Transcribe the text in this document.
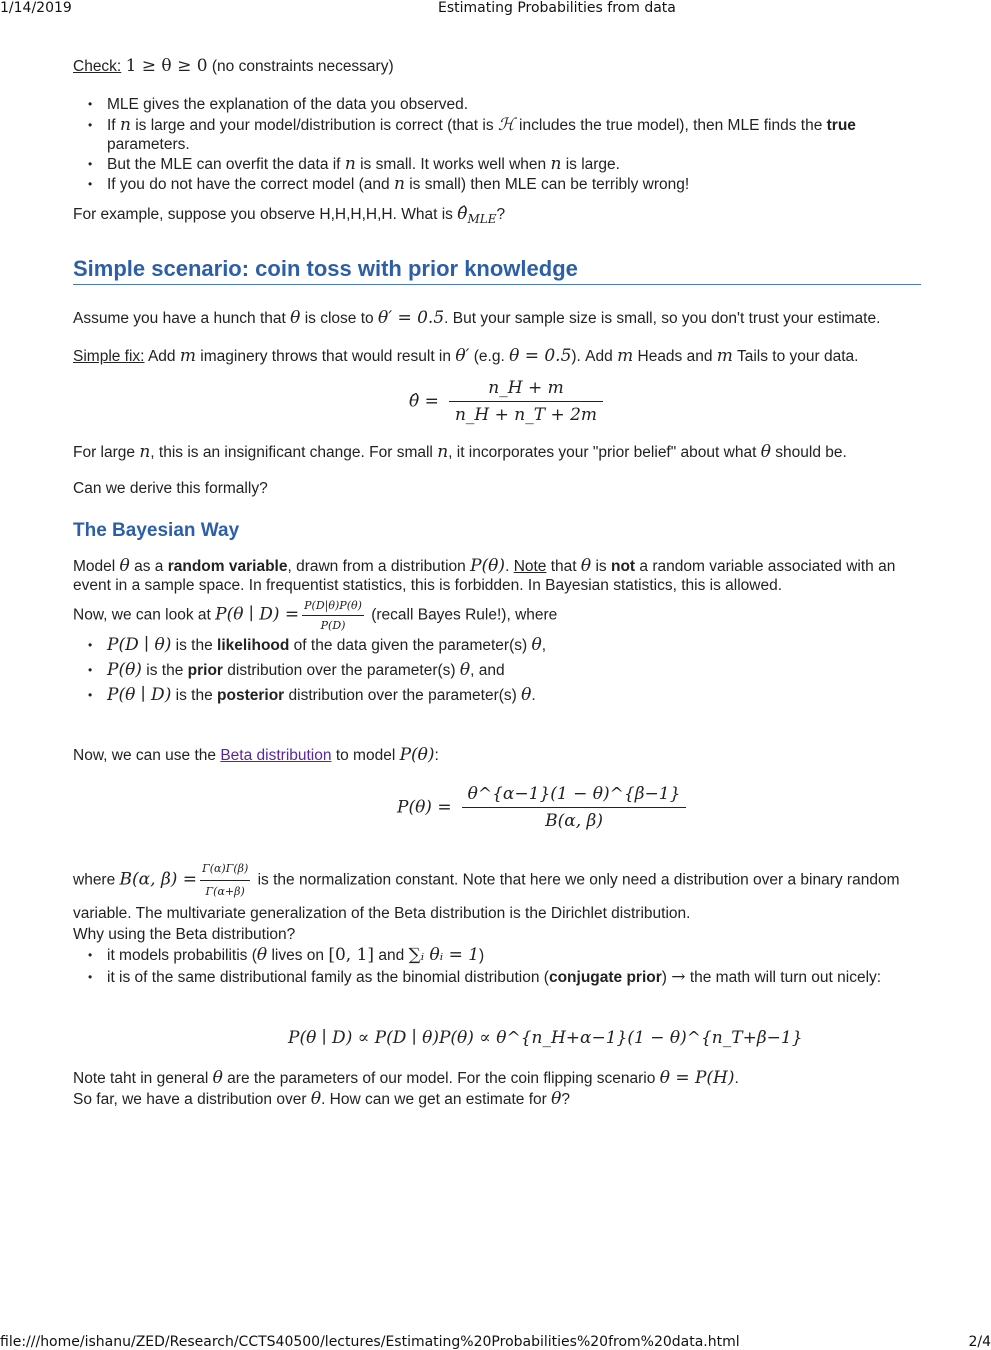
1/14/2019	Estimating Probabilities from data
Check: 1 ≥ θ ≥ 0 (no constraints necessary)
• MLE gives the explanation of the data you observed.
• If n is large and your model/distribution is correct (that is ℋ includes the true model), then MLE finds the true parameters.
• But the MLE can overfit the data if n is small. It works well when n is large.
• If you do not have the correct model (and n is small) then MLE can be terribly wrong!
For example, suppose you observe H,H,H,H,H. What is $\thetâ_{MLE}$?
Simple scenario: coin toss with prior knowledge
Assume you have a hunch that θ is close to θ′ = 0.5. But your sample size is small, so you don't trust your estimate.
Simple fix: Add m imaginery throws that would result in θ′ (e.g. θ = 0.5). Add m Heads and m Tails to your data.
θ̂ = $\frac{n\_H + m}{n\_H + n\_T + 2m}$
For large n, this is an insignificant change. For small n, it incorporates your "prior belief" about what θ should be.
Can we derive this formally?
The Bayesian Way
Model θ as a random variable, drawn from a distribution P(θ). Note that θ is not a random variable associated with an event in a sample space. In frequentist statistics, this is forbidden. In Bayesian statistics, this is allowed.
Now, we can look at P(θ ∣ $D) = \frac{P(D|\theta)P(\theta)}{P(D)}$ (recall Bayes Rule!), where
• P(D ∣ θ) is the likelihood of the data given the parameter(s) θ,
• P(θ) is the prior distribution over the parameter(s) θ, and
• P(θ ∣ D) is the posterior distribution over the parameter(s) θ.
Now, we can use the Beta distribution to model P(θ):
$P(\theta) = \frac{\theta\^{}\{\alpha-1\}(1 - \theta)\^{}\{\beta-1\}}{B(\alpha, \beta)}$
where B(α, $\beta) = \frac{\Gamma(\alpha)\Gamma(\beta)}{\Gamma(\alpha+\beta)}$ is the normalization constant. Note that here we only need a distribution over a binary random variable. The multivariate generalization of the Beta distribution is the Dirichlet distribution.
Why using the Beta distribution?
• it models probabilitis (θ lives on [0, 1] and ∑ᵢ θᵢ = 1)
• it is of the same distributional family as the binomial distribution (conjugate prior) → the math will turn out nicely:
P(θ ∣ D) ∝ P(D ∣ θ)P(θ) ∝ θ^{n_H+α−1}(1 − θ)^{n_T+β−1}
Note taht in general θ are the parameters of our model. For the coin flipping scenario θ = P(H).
So far, we have a distribution over θ. How can we get an estimate for θ?
file:///home/ishanu/ZED/Research/CCTS40500/lectures/Estimating%20Probabilities%20from%20data.html	2/4
